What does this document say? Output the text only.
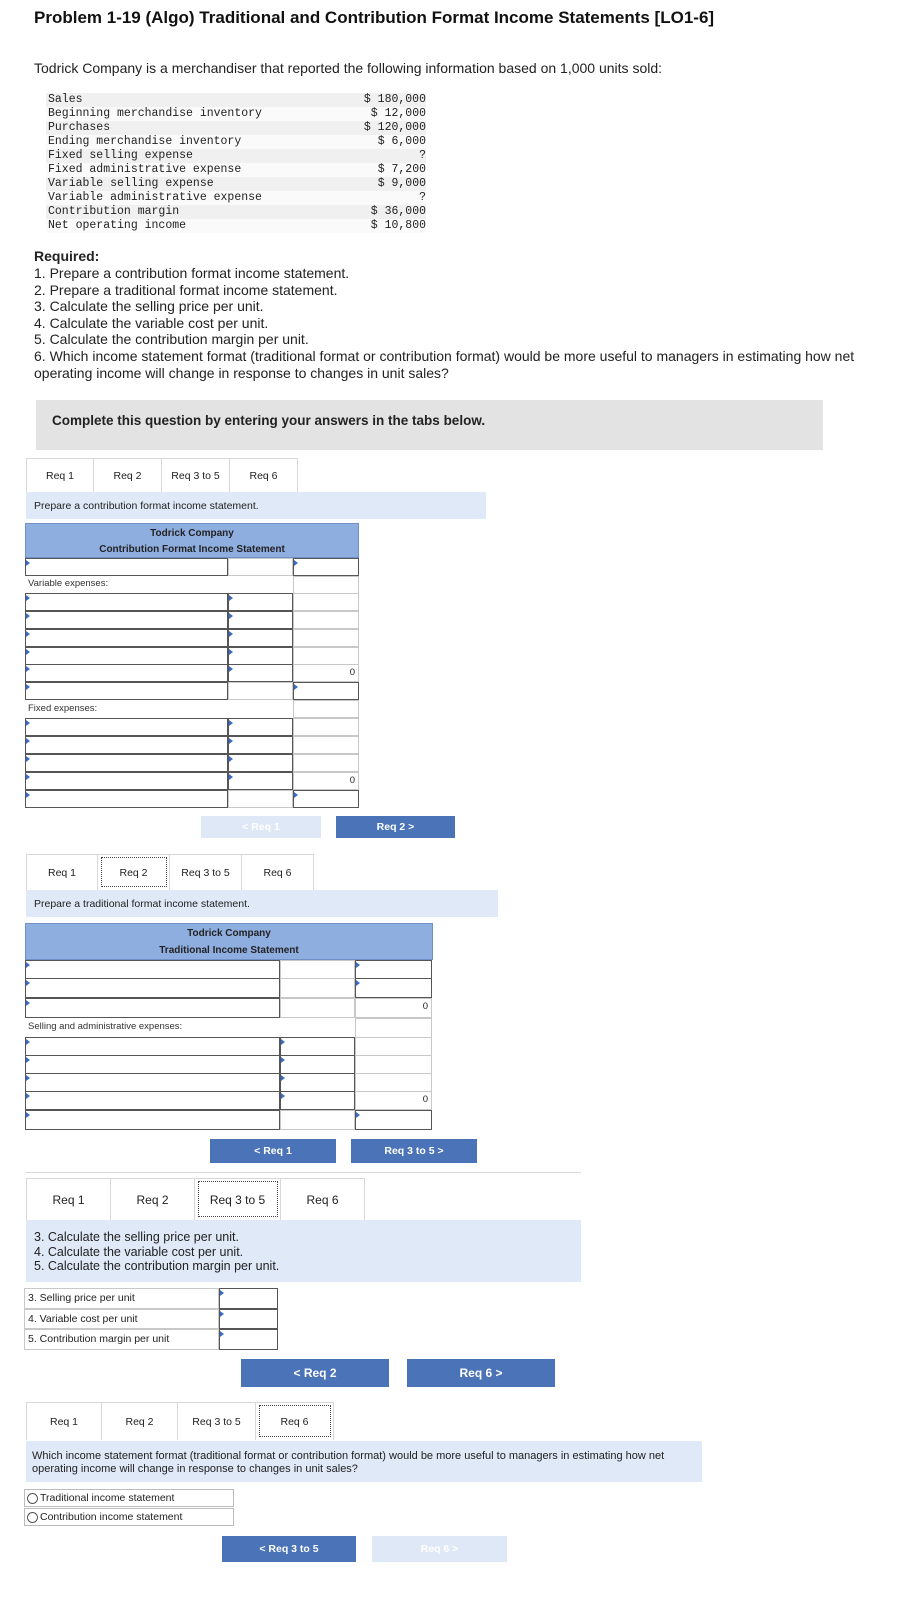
Problem 1-19 (Algo) Traditional and Contribution Format Income Statements [LO1-6]
Todrick Company is a merchandiser that reported the following information based on 1,000 units sold:
Sales	$ 180,000
Beginning merchandise inventory	$ 12,000
Purchases	$ 120,000
Ending merchandise inventory	$ 6,000
Fixed selling expense	?
Fixed administrative expense	$ 7,200
Variable selling expense	$ 9,000
Variable administrative expense	?
Contribution margin	$ 36,000
Net operating income	$ 10,800
Required:
1. Prepare a contribution format income statement.
2. Prepare a traditional format income statement.
3. Calculate the selling price per unit.
4. Calculate the variable cost per unit.
5. Calculate the contribution margin per unit.
6. Which income statement format (traditional format or contribution format) would be more useful to managers in estimating how net operating income will change in response to changes in unit sales?
Complete this question by entering your answers in the tabs below.
Req 1	Req 2	Req 3 to 5	Req 6
Prepare a contribution format income statement.
Todrick Company
Contribution Format Income Statement
Variable expenses:
0
Fixed expenses:
0
< Req 1	Req 2 >
Req 1	Req 2	Req 3 to 5	Req 6
Prepare a traditional format income statement.
Todrick Company
Traditional Income Statement
0
Selling and administrative expenses:
0
< Req 1	Req 3 to 5 >
Req 1	Req 2	Req 3 to 5	Req 6
3. Calculate the selling price per unit.
4. Calculate the variable cost per unit.
5. Calculate the contribution margin per unit.
3. Selling price per unit
4. Variable cost per unit
5. Contribution margin per unit
< Req 2	Req 6 >
Req 1	Req 2	Req 3 to 5	Req 6
Which income statement format (traditional format or contribution format) would be more useful to managers in estimating how net operating income will change in response to changes in unit sales?
Traditional income statement
Contribution income statement
< Req 3 to 5	Req 6 >
